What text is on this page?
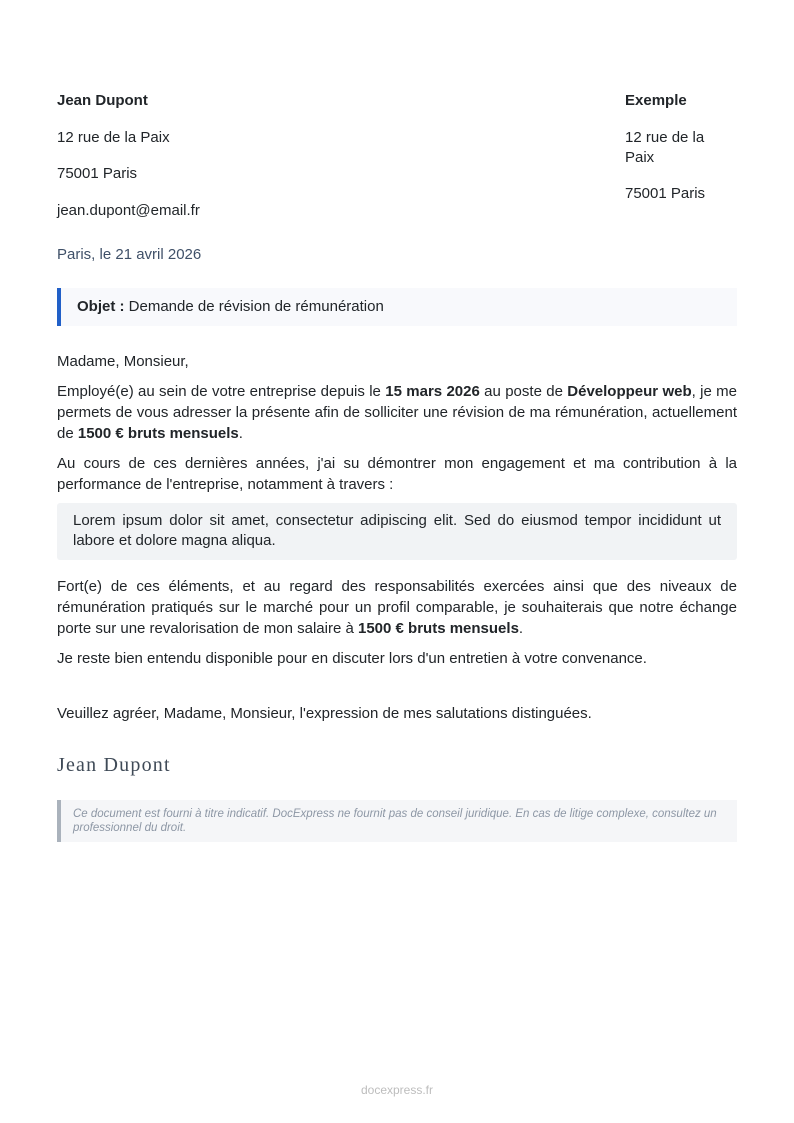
Jean Dupont

12 rue de la Paix

75001 Paris

jean.dupont@email.fr

Exemple

12 rue de la Paix

75001 Paris

Paris, le 21 avril 2026

Objet : Demande de révision de rémunération

Madame, Monsieur,

Employé(e) au sein de votre entreprise depuis le 15 mars 2026 au poste de Développeur web, je me permets de vous adresser la présente afin de solliciter une révision de ma rémunération, actuellement de 1500 € bruts mensuels.

Au cours de ces dernières années, j'ai su démontrer mon engagement et ma contribution à la performance de l'entreprise, notamment à travers :

Lorem ipsum dolor sit amet, consectetur adipiscing elit. Sed do eiusmod tempor incididunt ut labore et dolore magna aliqua.

Fort(e) de ces éléments, et au regard des responsabilités exercées ainsi que des niveaux de rémunération pratiqués sur le marché pour un profil comparable, je souhaiterais que notre échange porte sur une revalorisation de mon salaire à 1500 € bruts mensuels.

Je reste bien entendu disponible pour en discuter lors d'un entretien à votre convenance.

Veuillez agréer, Madame, Monsieur, l'expression de mes salutations distinguées.

Jean Dupont

Ce document est fourni à titre indicatif. DocExpress ne fournit pas de conseil juridique. En cas de litige complexe, consultez un professionnel du droit.

docexpress.fr
